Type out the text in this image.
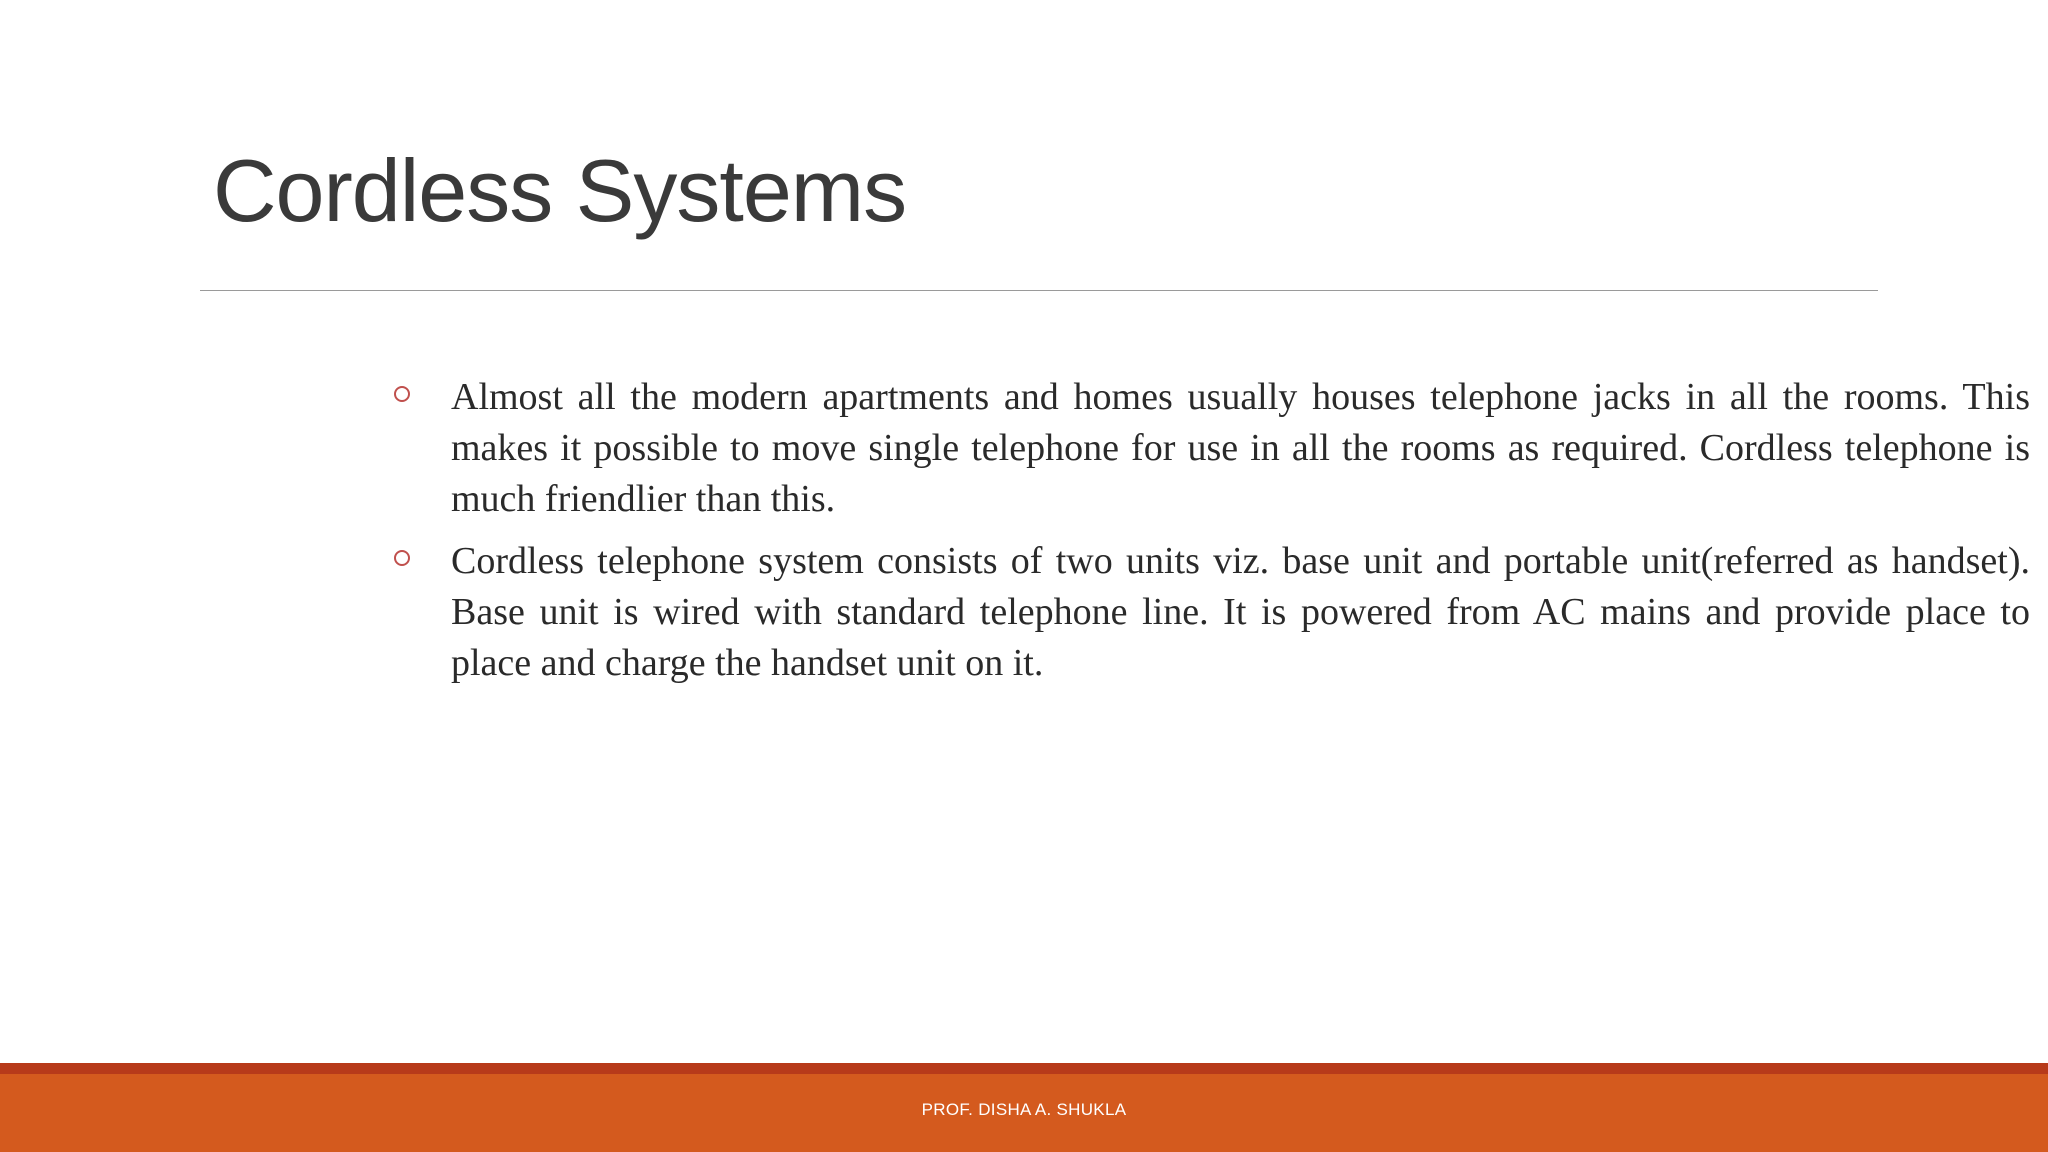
Cordless Systems
Almost all the modern apartments and homes usually houses telephone jacks in all the rooms. This makes it possible to move single telephone for use in all the rooms as required. Cordless telephone is much friendlier than this.
Cordless telephone system consists of two units viz. base unit and portable unit(referred as handset). Base unit is wired with standard telephone line. It is powered from AC mains and provide place to place and charge the handset unit on it.
PROF. DISHA A. SHUKLA
